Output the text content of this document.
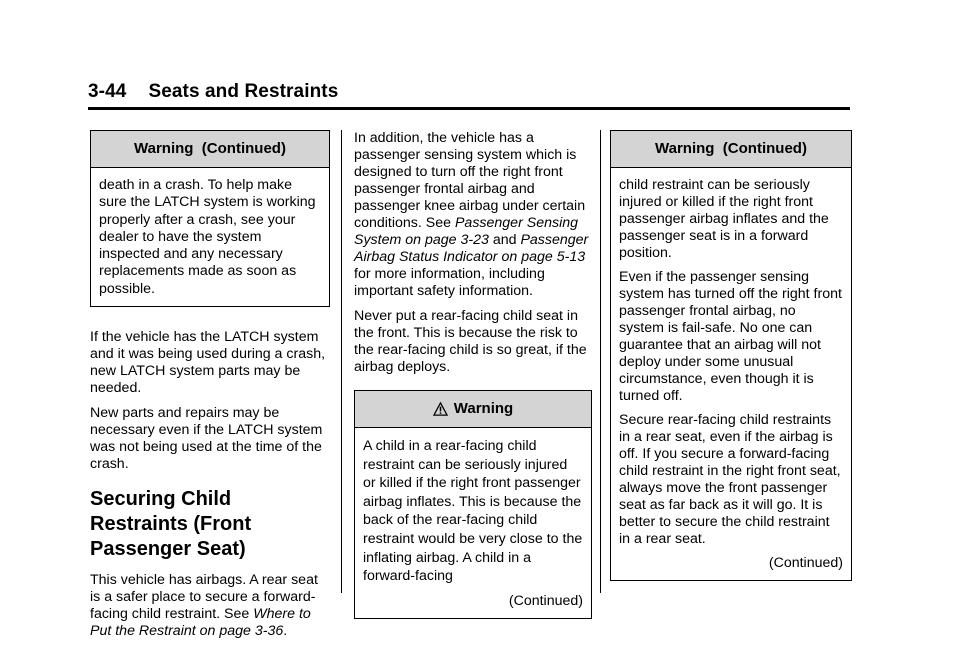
3-44 Seats and Restraints
Warning  (Continued)

death in a crash. To help make sure the LATCH system is working properly after a crash, see your dealer to have the system inspected and any necessary replacements made as soon as possible.

If the vehicle has the LATCH system and it was being used during a crash, new LATCH system parts may be needed.

New parts and repairs may be necessary even if the LATCH system was not being used at the time of the crash.

Securing Child Restraints (Front Passenger Seat)

This vehicle has airbags. A rear seat is a safer place to secure a forward-facing child restraint. See Where to Put the Restraint on page 3-36.

In addition, the vehicle has a passenger sensing system which is designed to turn off the right front passenger frontal airbag and passenger knee airbag under certain conditions. See Passenger Sensing System on page 3-23 and Passenger Airbag Status Indicator on page 5-13 for more information, including important safety information.

Never put a rear-facing child seat in the front. This is because the risk to the rear-facing child is so great, if the airbag deploys.

Warning

A child in a rear-facing child restraint can be seriously injured or killed if the right front passenger airbag inflates. This is because the back of the rear-facing child restraint would be very close to the inflating airbag. A child in a forward-facing

(Continued)
Warning  (Continued)

child restraint can be seriously injured or killed if the right front passenger airbag inflates and the passenger seat is in a forward position.

Even if the passenger sensing system has turned off the right front passenger frontal airbag, no system is fail-safe. No one can guarantee that an airbag will not deploy under some unusual circumstance, even though it is turned off.

Secure rear-facing child restraints in a rear seat, even if the airbag is off. If you secure a forward-facing child restraint in the right front seat, always move the front passenger seat as far back as it will go. It is better to secure the child restraint in a rear seat.

(Continued)
